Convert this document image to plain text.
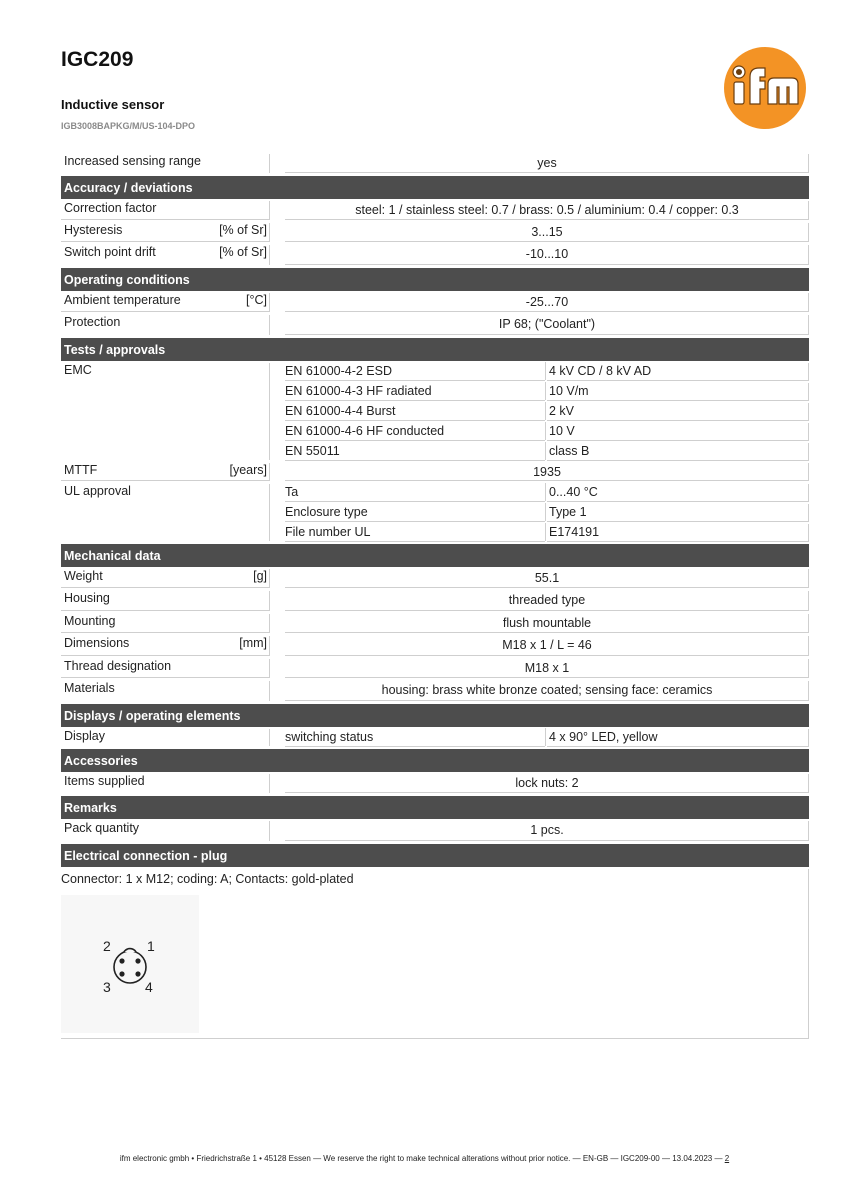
IGC209
Inductive sensor
IGB3008BAPKG/M/US-104-DPO
Increased sensing range	yes
Accuracy / deviations
Correction factor	steel: 1 / stainless steel: 0.7 / brass: 0.5 / aluminium: 0.4 / copper: 0.3
Hysteresis	[% of Sr]	3...15
Switch point drift	[% of Sr]	-10...10
Operating conditions
Ambient temperature	[°C]	-25...70
Protection	IP 68; ("Coolant")
Tests / approvals
EMC	EN 61000-4-2 ESD	4 kV CD / 8 kV AD
EN 61000-4-3 HF radiated	10 V/m
EN 61000-4-4 Burst	2 kV
EN 61000-4-6 HF conducted	10 V
EN 55011	class B
MTTF	[years]	1935
UL approval	Ta	0...40 °C
Enclosure type	Type 1
File number UL	E174191
Mechanical data
Weight	[g]	55.1
Housing	threaded type
Mounting	flush mountable
Dimensions	[mm]	M18 x 1 / L = 46
Thread designation	M18 x 1
Materials	housing: brass white bronze coated; sensing face: ceramics
Displays / operating elements
Display	switching status	4 x 90° LED, yellow
Accessories
Items supplied	lock nuts: 2
Remarks
Pack quantity	1 pcs.
Electrical connection - plug
Connector: 1 x M12; coding: A; Contacts: gold-plated
2	1
3 4
ifm electronic gmbh • Friedrichstraße 1 • 45128 Essen — We reserve the right to make technical alterations without prior notice. — EN-GB — IGC209-00 — 13.04.2023 — 2
